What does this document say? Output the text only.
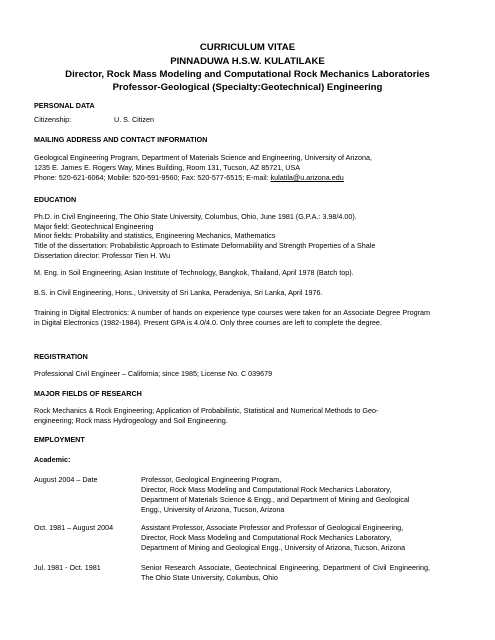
CURRICULUM VITAE
PINNADUWA H.S.W. KULATILAKE
Director, Rock Mass Modeling and Computational Rock Mechanics Laboratories
Professor-Geological (Specialty:Geotechnical) Engineering
PERSONAL DATA
Citizenship:	U. S. Citizen
MAILING ADDRESS AND CONTACT INFORMATION
Geological Engineering Program, Department of Materials Science and Engineering, University of Arizona,
1235 E. James E. Rogers Way, Mines Building, Room 131, Tucson, AZ 85721, USA
Phone: 520-621-6064; Mobile: 520-591-9560; Fax: 520-577-6515; E-mail: kulatila@u.arizona.edu
EDUCATION
Ph.D. in Civil Engineering, The Ohio State University, Columbus, Ohio, June 1981 (G.P.A.: 3.98/4.00).
Major field: Geotechnical Engineering
Minor fields: Probability and statistics, Engineering Mechanics, Mathematics
Title of the dissertation: Probabilistic Approach to Estimate Deformability and Strength Properties of a Shale
Dissertation director: Professor Tien H. Wu
M. Eng. in Soil Engineering, Asian Institute of Technology, Bangkok, Thailand, April 1978 (Batch top).
B.S. in Civil Engineering, Hons., University of Sri Lanka, Peradeniya, Sri Lanka, April 1976.
Training in Digital Electronics: A number of hands on experience type courses were taken for an Associate Degree Program in Digital Electronics (1982-1984). Present GPA is 4.0/4.0. Only three courses are left to complete the degree.
REGISTRATION
Professional Civil Engineer – California; since 1985; License No. C 039679
MAJOR FIELDS OF RESEARCH
Rock Mechanics & Rock Engineering; Application of Probabilistic, Statistical and Numerical Methods to Geo-
engineering; Rock mass Hydrogeology and Soil Engineering.
EMPLOYMENT
Academic:
August 2004 – Date	Professor, Geological Engineering Program,
Director, Rock Mass Modeling and Computational Rock Mechanics Laboratory,
Department of Materials Science & Engg., and Department of Mining and Geological
Engg., University of Arizona, Tucson, Arizona
Oct. 1981 – August 2004	Assistant Professor, Associate Professor and Professor of Geological Engineering,
Director, Rock Mass Modeling and Computational Rock Mechanics Laboratory,
Department of Mining and Geological Engg., University of Arizona, Tucson, Arizona
Jul. 1981 - Oct. 1981	Senior Research Associate, Geotechnical Engineering, Department of Civil Engineering, The Ohio State University, Columbus, Ohio
